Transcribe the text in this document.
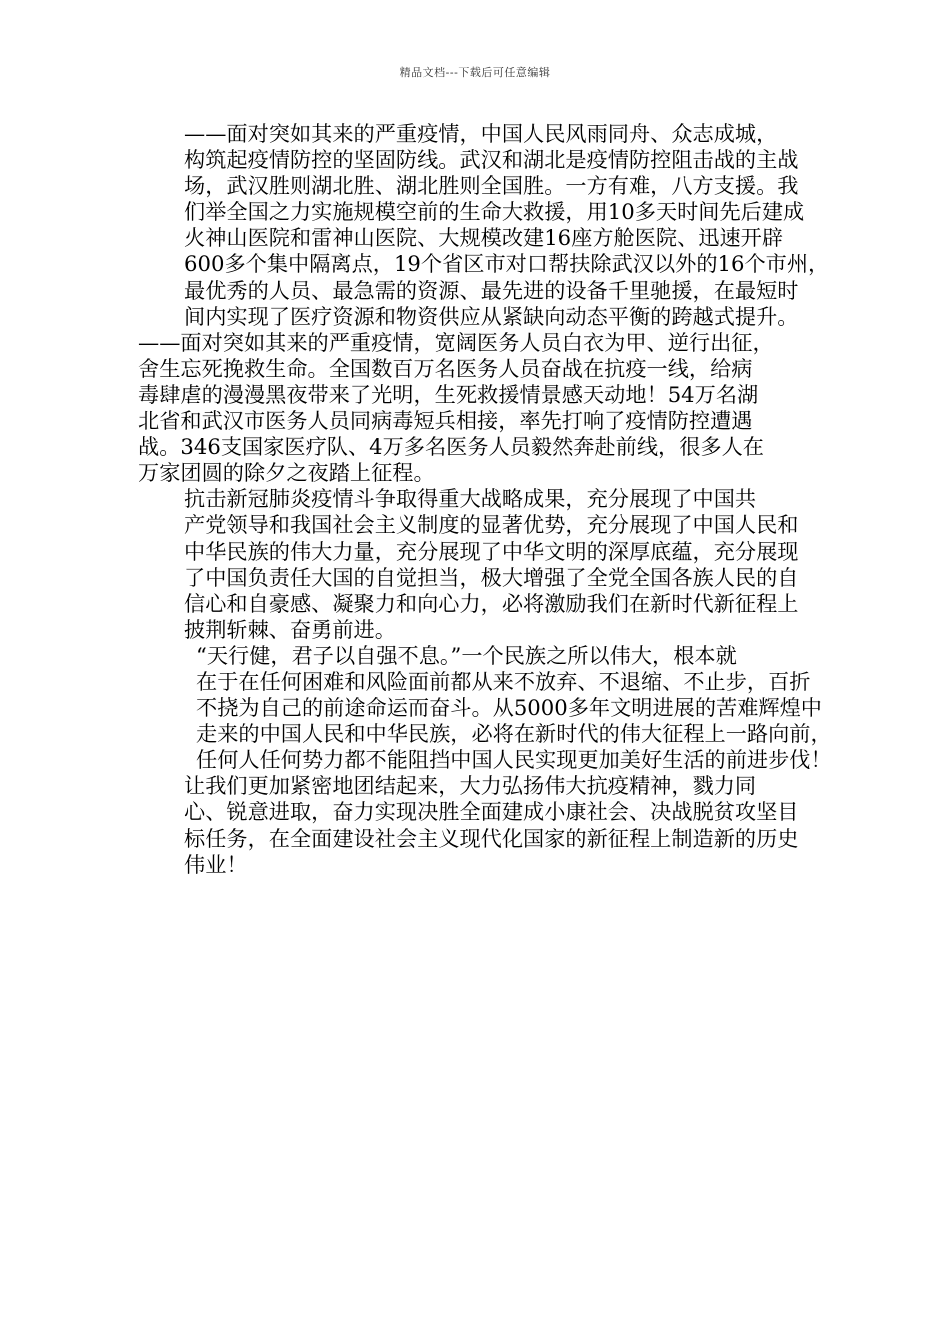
精品文档---下载后可任意编辑
——面对突如其来的严重疫情，中国人民风雨同舟、众志成城，
构筑起疫情防控的坚固防线。武汉和湖北是疫情防控阻击战的主战
场，武汉胜则湖北胜、湖北胜则全国胜。一方有难，八方支援。我
们举全国之力实施规模空前的生命大救援，用10多天时间先后建成
火神山医院和雷神山医院、大规模改建16座方舱医院、迅速开辟
600多个集中隔离点，19个省区市对口帮扶除武汉以外的16个市州，
最优秀的人员、最急需的资源、最先进的设备千里驰援，在最短时
间内实现了医疗资源和物资供应从紧缺向动态平衡的跨越式提升。
——面对突如其来的严重疫情，宽阔医务人员白衣为甲、逆行出征，
舍生忘死挽救生命。全国数百万名医务人员奋战在抗疫一线，给病
毒肆虐的漫漫黑夜带来了光明，生死救援情景感天动地！54万名湖
北省和武汉市医务人员同病毒短兵相接，率先打响了疫情防控遭遇
战。346支国家医疗队、4万多名医务人员毅然奔赴前线，很多人在
万家团圆的除夕之夜踏上征程。
抗击新冠肺炎疫情斗争取得重大战略成果，充分展现了中国共
产党领导和我国社会主义制度的显著优势，充分展现了中国人民和
中华民族的伟大力量，充分展现了中华文明的深厚底蕴，充分展现
了中国负责任大国的自觉担当，极大增强了全党全国各族人民的自
信心和自豪感、凝聚力和向心力，必将激励我们在新时代新征程上
披荆斩棘、奋勇前进。
“天行健，君子以自强不息。”一个民族之所以伟大，根本就
在于在任何困难和风险面前都从来不放弃、不退缩、不止步，百折
不挠为自己的前途命运而奋斗。从5000多年文明进展的苦难辉煌中
走来的中国人民和中华民族，必将在新时代的伟大征程上一路向前，
任何人任何势力都不能阻挡中国人民实现更加美好生活的前进步伐！
让我们更加紧密地团结起来，大力弘扬伟大抗疫精神，戮力同
心、锐意进取，奋力实现决胜全面建成小康社会、决战脱贫攻坚目
标任务，在全面建设社会主义现代化国家的新征程上制造新的历史
伟业！
